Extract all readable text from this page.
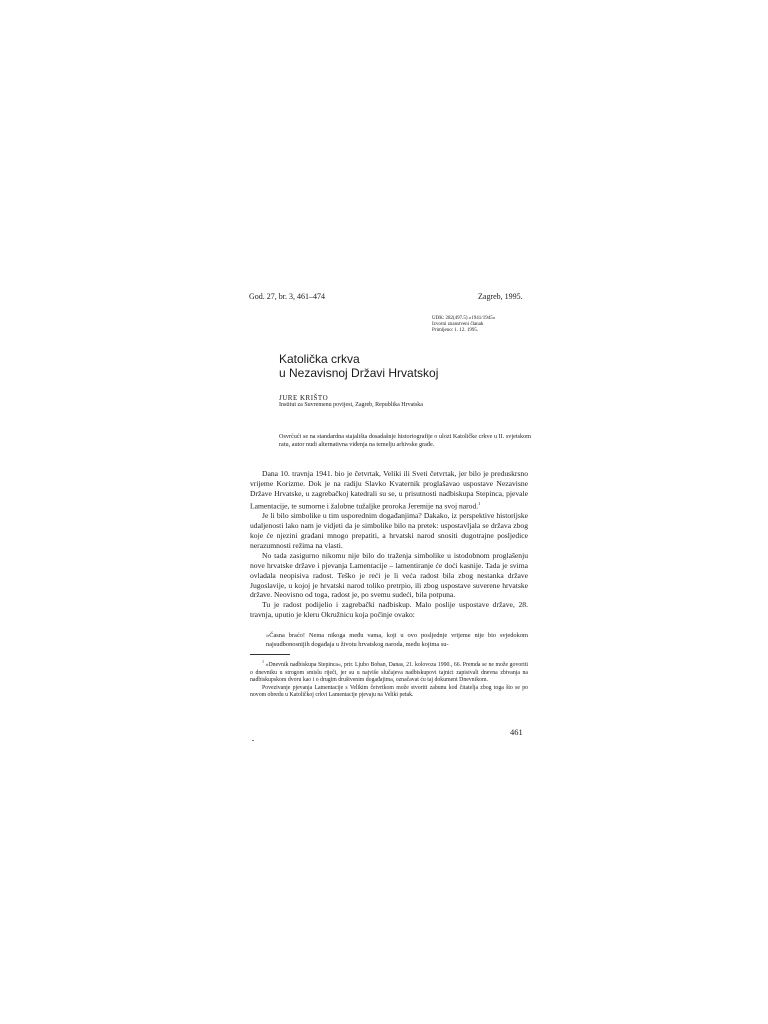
God. 27, br. 3, 461–474	Zagreb, 1995.
UDK: 282(497.5) »1941/1945«
Izvorni znanstveni članak
Primljeno: 1. 12. 1995.
Katolička crkva
u Nezavisnoj Državi Hrvatskoj
JURE KRIŠTO
Institut za Suvremenu povijest, Zagreb, Republika Hrvatska
Osvrćući se na standardna stajališta dosadašnje historiografije o ulozi Katoličke crkve u II. svjetskom ratu, autor nudi alternativna viđenja na temelju arhivske građe.

Dana 10. travnja 1941. bio je četvrtak, Veliki ili Sveti četvrtak, jer bilo je preduskrsno vrijeme Korizme. Dok je na radiju Slavko Kvaternik proglašavao uspostave Nezavisne Države Hrvatske, u zagrebačkoj katedrali su se, u prisutnosti nadbiskupa Stepinca, pjevale Lamentacije, te sumorne i žalobne tužaljke proroka Jeremije na svoj narod.$^1$

Je li bilo simbolike u tim usporednim događanjima? Dakako, iz perspektive historijske udaljenosti lako nam je vidjeti da je simbolike bilo na pretek: uspostavljala se država zbog koje će njezini građani mnogo prepatiti, a hrvatski narod snositi dugotrajne posljedice nerazumnosti režima na vlasti.

No tada zasigurno nikomu nije bilo do traženja simbolike u istodobnom proglašenju nove hrvatske države i pjevanja Lamentacije – lamentiranje će doći kasnije. Tada je svima ovladala neopisiva radost. Teško je reći je li veća radost bila zbog nestanka države Jugoslavije, u kojoj je hrvatski narod toliko pretrpio, ili zbog uspostave suverene hrvatske države. Neovisno od toga, radost je, po svemu sudeći, bila potpuna.

Tu je radost podijelio i zagrebački nadbiskup. Malo poslije uspostave države, 28. travnja, uputio je kleru Okružnicu koja počinje ovako:

»Časna braćo! Nema nikoga među vama, koji u ovo posljednje vrijeme nije bio svjedokom najsudbonosnijih događaja u životu hrvatskog naroda, među kojima su-

$^1$ »Dnevnik nadbiskupa Stepinca«, prir. Ljubo Boban, Danas, 21. kolovoza 1990., 66. Premda se ne može govoriti o dnevniku u strogom smislu riječi, jer su u najviše slučajeva nadbiskupovi tajnici zapisivali dnevna zbivanja na nadbiskupskom dvoru kao i o drugim društvenim događajima, označavat ću taj dokument Dnevnikom.

Povezivanje pjevanja Lamentacije s Velikim četvrtkom može stvoriti zabunu kod čitatelja zbog toga što se po novom obredu u Katoličkoj crkvi Lamentacije pjevaju na Veliki petak.

461
